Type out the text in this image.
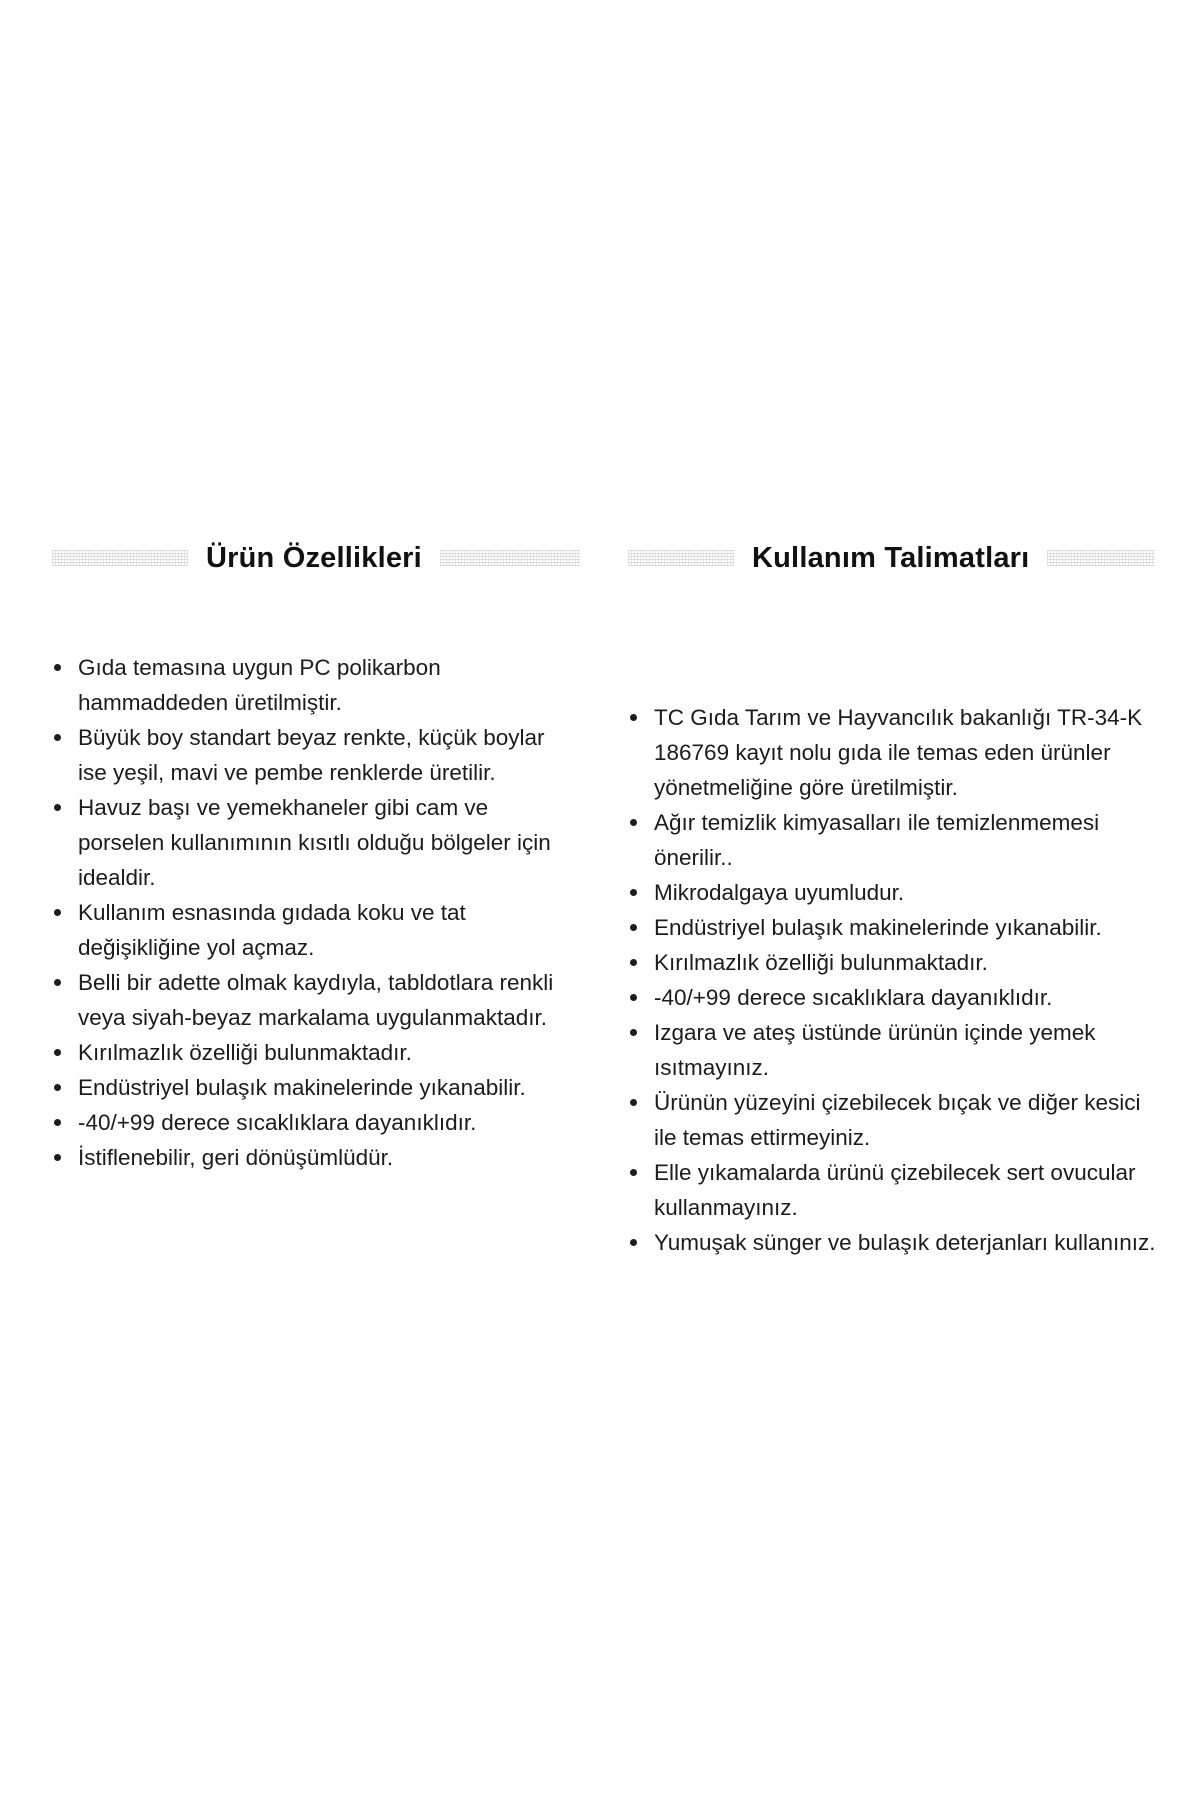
Ürün Özellikleri
Gıda temasına uygun PC polikarbon hammaddeden üretilmiştir.
Büyük boy standart beyaz renkte, küçük boylar ise yeşil, mavi ve pembe renklerde üretilir.
Havuz başı ve yemekhaneler gibi cam ve porselen kullanımının kısıtlı olduğu bölgeler için idealdir.
Kullanım esnasında gıdada koku ve tat değişikliğine yol açmaz.
Belli bir adette olmak kaydıyla, tabldotlara renkli veya siyah-beyaz markalama uygulanmaktadır.
Kırılmazlık özelliği bulunmaktadır.
Endüstriyel bulaşık makinelerinde yıkanabilir.
-40/+99 derece sıcaklıklara dayanıklıdır.
İstiflenebilir, geri dönüşümlüdür.
Kullanım Talimatları
TC Gıda Tarım ve Hayvancılık bakanlığı TR-34-K 186769 kayıt nolu gıda ile temas eden ürünler yönetmeliğine göre üretilmiştir.
Ağır temizlik kimyasalları ile temizlenmemesi önerilir..
Mikrodalgaya uyumludur.
Endüstriyel bulaşık makinelerinde yıkanabilir.
Kırılmazlık özelliği bulunmaktadır.
-40/+99 derece sıcaklıklara dayanıklıdır.
Izgara ve ateş üstünde ürünün içinde yemek ısıtmayınız.
Ürünün yüzeyini çizebilecek bıçak ve diğer kesici ile temas ettirmeyiniz.
Elle yıkamalarda ürünü çizebilecek sert ovucular kullanmayınız.
Yumuşak sünger ve bulaşık deterjanları kullanınız.
